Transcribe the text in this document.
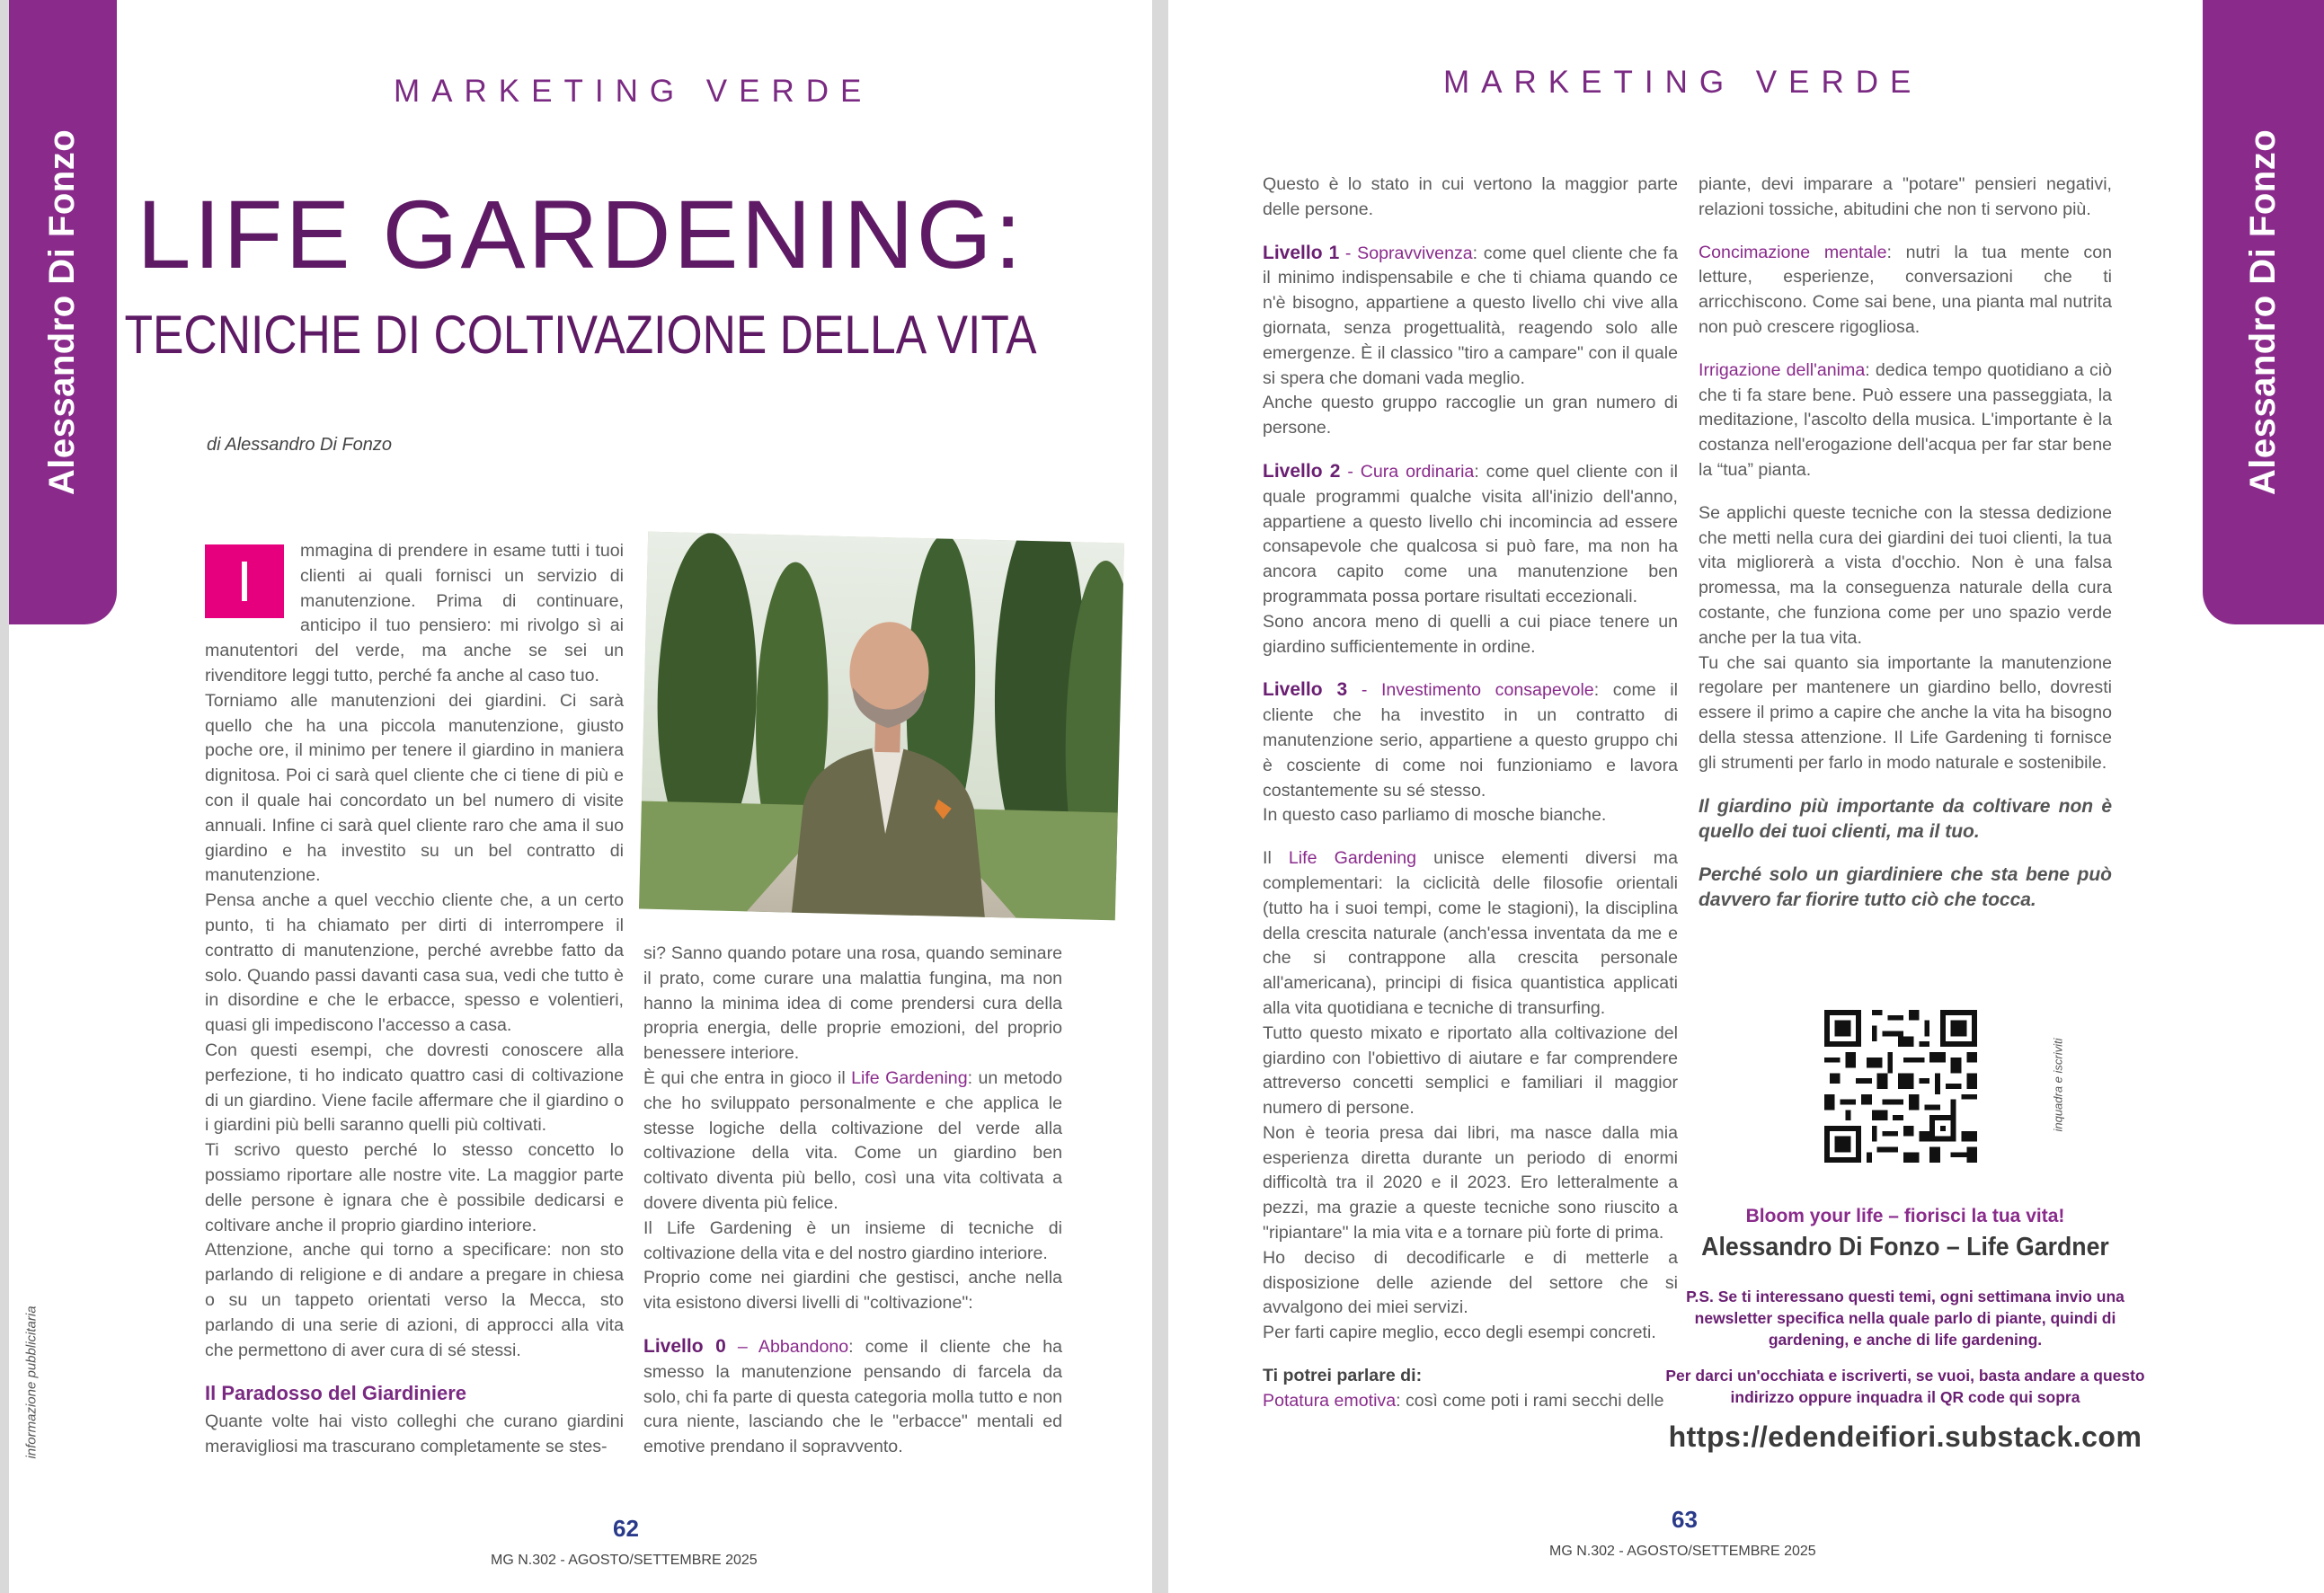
Alessandro Di Fonzo
MARKETING VERDE
LIFE GARDENING:
TECNICHE DI COLTIVAZIONE DELLA VITA
di Alessandro Di Fonzo

I	mmagina di prendere in esame tutti i tuoi clienti ai quali fornisci un servizio di manutenzione. Prima di continuare, anticipo il tuo pensiero: mi rivolgo sì ai manutentori del verde, ma anche se sei un rivenditore leggi tutto, perché fa anche al caso tuo.

Torniamo alle manutenzioni dei giardini. Ci sarà quello che ha una piccola manutenzione, giusto poche ore, il minimo per tenere il giardino in maniera dignitosa. Poi ci sarà quel cliente che ci tiene di più e con il quale hai concordato un bel numero di visite annuali. Infine ci sarà quel cliente raro che ama il suo giardino e ha investito su un bel contratto di manutenzione.

Pensa anche a quel vecchio cliente che, a un certo punto, ti ha chiamato per dirti di interrompere il contratto di manutenzione, perché avrebbe fatto da solo. Quando passi davanti casa sua, vedi che tutto è in disordine e che le erbacce, spesso e volentieri, quasi gli impediscono l'accesso a casa.

Con questi esempi, che dovresti conoscere alla perfezione, ti ho indicato quattro casi di coltivazione di un giardino. Viene facile affermare che il giardino o i giardini più belli saranno quelli più coltivati.

Ti scrivo questo perché lo stesso concetto lo possiamo riportare alle nostre vite. La maggior parte delle persone è ignara che è possibile dedicarsi e coltivare anche il proprio giardino interiore.

Attenzione, anche qui torno a specificare: non sto parlando di religione e di andare a pregare in chiesa o su un tappeto orientati verso la Mecca, sto parlando di una serie di azioni, di approcci alla vita che permettono di aver cura di sé stessi.

Il Paradosso del Giardiniere

Quante volte hai visto colleghi che curano giardini meravigliosi ma trascurano completamente se stes-

si? Sanno quando potare una rosa, quando seminare il prato, come curare una malattia fungina, ma non hanno la minima idea di come prendersi cura della propria energia, delle proprie emozioni, del proprio benessere interiore.

È qui che entra in gioco il Life Gardening: un metodo che ho sviluppato personalmente e che applica le stesse logiche della coltivazione del verde alla coltivazione della vita. Come un giardino ben coltivato diventa più bello, così una vita coltivata a dovere diventa più felice.

Il Life Gardening è un insieme di tecniche di coltivazione della vita e del nostro giardino interiore.

Proprio come nei giardini che gestisci, anche nella vita esistono diversi livelli di "coltivazione":

Livello 0 – Abbandono: come il cliente che ha smesso la manutenzione pensando di farcela da solo, chi fa parte di questa categoria molla tutto e non cura niente, lasciando che le "erbacce" mentali ed emotive prendano il sopravvento.

informazione pubblicitaria
62
MG N.302 - AGOSTO/SETTEMBRE 2025
Alessandro Di Fonzo
MARKETING VERDE

Questo è lo stato in cui vertono la maggior parte delle persone.

Livello 1 - Sopravvivenza: come quel cliente che fa il minimo indispensabile e che ti chiama quando ce n'è bisogno, appartiene a questo livello chi vive alla giornata, senza progettualità, reagendo solo alle emergenze. È il classico "tiro a campare" con il quale si spera che domani vada meglio.

Anche questo gruppo raccoglie un gran numero di persone.

Livello 2 - Cura ordinaria: come quel cliente con il quale programmi qualche visita all'inizio dell'anno, appartiene a questo livello chi incomincia ad essere consapevole che qualcosa si può fare, ma non ha ancora capito come una manutenzione ben programmata possa portare risultati eccezionali.

Sono ancora meno di quelli a cui piace tenere un giardino sufficientemente in ordine.

Livello 3 - Investimento consapevole: come il cliente che ha investito in un contratto di manutenzione serio, appartiene a questo gruppo chi è cosciente di come noi funzioniamo e lavora costantemente su sé stesso.

In questo caso parliamo di mosche bianche.

Il Life Gardening unisce elementi diversi ma complementari: la ciclicità delle filosofie orientali (tutto ha i suoi tempi, come le stagioni), la disciplina della crescita naturale (anch'essa inventata da me e che si contrappone alla crescita personale all'americana), principi di fisica quantistica applicati alla vita quotidiana e tecniche di transurfing.

Tutto questo mixato e riportato alla coltivazione del giardino con l'obiettivo di aiutare e far comprendere attreverso concetti semplici e familiari il maggior numero di persone.

Non è teoria presa dai libri, ma nasce dalla mia esperienza diretta durante un periodo di enormi difficoltà tra il 2020 e il 2023. Ero letteralmente a pezzi, ma grazie a queste tecniche sono riuscito a "ripiantare" la mia vita e a tornare più forte di prima.

Ho deciso di decodificarle e di metterle a disposizione delle aziende del settore che si avvalgono dei miei servizi.

Per farti capire meglio, ecco degli esempi concreti.

Ti potrei parlare di:

Potatura emotiva: così come poti i rami secchi delle

piante, devi imparare a "potare" pensieri negativi, relazioni tossiche, abitudini che non ti servono più.

Concimazione mentale: nutri la tua mente con letture, esperienze, conversazioni che ti arricchiscono. Come sai bene, una pianta mal nutrita non può crescere rigogliosa.

Irrigazione dell'anima: dedica tempo quotidiano a ciò che ti fa stare bene. Può essere una passeggiata, la meditazione, l'ascolto della musica. L'importante è la costanza nell'erogazione dell'acqua per far star bene la “tua” pianta.

Se applichi queste tecniche con la stessa dedizione che metti nella cura dei giardini dei tuoi clienti, la tua vita migliorerà a vista d'occhio. Non è una falsa promessa, ma la conseguenza naturale della cura costante, che funziona come per uno spazio verde anche per la tua vita.

Tu che sai quanto sia importante la manutenzione regolare per mantenere un giardino bello, dovresti essere il primo a capire che anche la vita ha bisogno della stessa attenzione. Il Life Gardening ti fornisce gli strumenti per farlo in modo naturale e sostenibile.

Il giardino più importante da coltivare non è quello dei tuoi clienti, ma il tuo.

Perché solo un giardiniere che sta bene può davvero far fiorire tutto ciò che tocca.

inquadra e iscriviti
Bloom your life – fiorisci la tua vita!
Alessandro Di Fonzo – Life Gardner
P.S. Se ti interessano questi temi, ogni settimana invio una newsletter specifica nella quale parlo di piante, quindi di gardening, e anche di life gardening.
Per darci un'occhiata e iscriverti, se vuoi, basta andare a questo indirizzo oppure inquadra il QR code qui sopra
https://edendeifiori.substack.com
63
MG N.302 - AGOSTO/SETTEMBRE 2025
